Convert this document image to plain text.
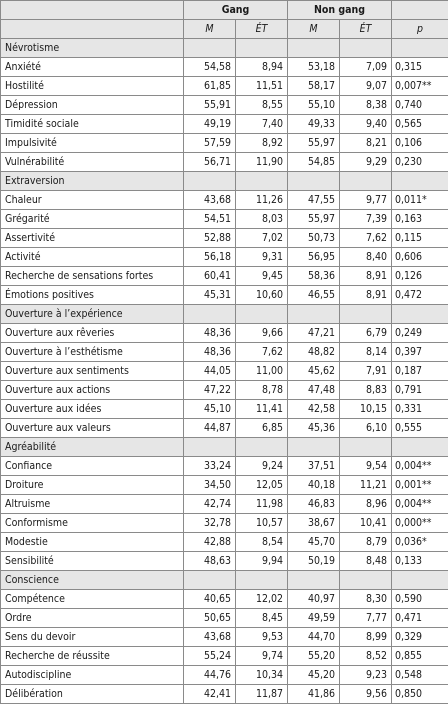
	Gang		Non gang		
	M	ÉT	M	ÉT	p
Névrotisme					
Anxiété	54,58	8,94	53,18	7,09	0,315
Hostilité	61,85	11,51	58,17	9,07	0,007**
Dépression	55,91	8,55	55,10	8,38	0,740
Timidité sociale	49,19	7,40	49,33	9,40	0,565
Impulsivité	57,59	8,92	55,97	8,21	0,106
Vulnérabilité	56,71	11,90	54,85	9,29	0,230
Extraversion					
Chaleur	43,68	11,26	47,55	9,77	0,011*
Grégarité	54,51	8,03	55,97	7,39	0,163
Assertivité	52,88	7,02	50,73	7,62	0,115
Activité	56,18	9,31	56,95	8,40	0,606
Recherche de sensations fortes	60,41	9,45	58,36	8,91	0,126
Émotions positives	45,31	10,60	46,55	8,91	0,472
Ouverture à l’expérience					
Ouverture aux rêveries	48,36	9,66	47,21	6,79	0,249
Ouverture à l’esthétisme	48,36	7,62	48,82	8,14	0,397
Ouverture aux sentiments	44,05	11,00	45,62	7,91	0,187
Ouverture aux actions	47,22	8,78	47,48	8,83	0,791
Ouverture aux idées	45,10	11,41	42,58	10,15	0,331
Ouverture aux valeurs	44,87	6,85	45,36	6,10	0,555
Agréabilité					
Confiance	33,24	9,24	37,51	9,54	0,004**
Droiture	34,50	12,05	40,18	11,21	0,001**
Altruisme	42,74	11,98	46,83	8,96	0,004**
Conformisme	32,78	10,57	38,67	10,41	0,000**
Modestie	42,88	8,54	45,70	8,79	0,036*
Sensibilité	48,63	9,94	50,19	8,48	0,133
Conscience					
Compétence	40,65	12,02	40,97	8,30	0,590
Ordre	50,65	8,45	49,59	7,77	0,471
Sens du devoir	43,68	9,53	44,70	8,99	0,329
Recherche de réussite	55,24	9,74	55,20	8,52	0,855
Autodiscipline	44,76	10,34	45,20	9,23	0,548
Délibération	42,41	11,87	41,86	9,56	0,850
